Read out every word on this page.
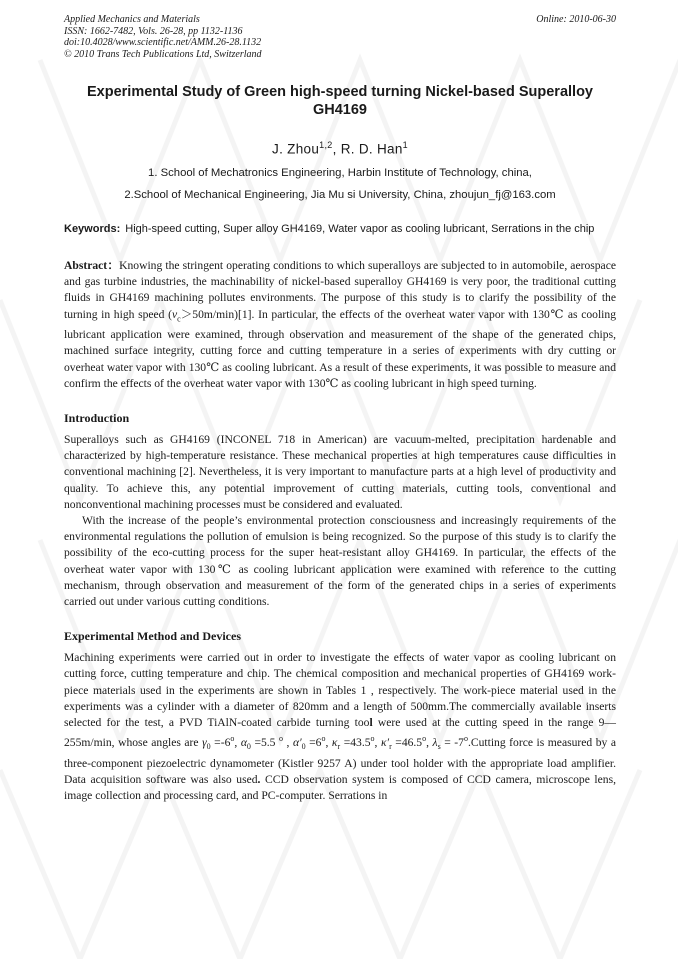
Applied Mechanics and Materials
ISSN: 1662-7482, Vols. 26-28, pp 1132-1136
doi:10.4028/www.scientific.net/AMM.26-28.1132
© 2010 Trans Tech Publications Ltd, Switzerland
Online: 2010-06-30
Experimental Study of Green high-speed turning Nickel-based Superalloy GH4169
J. Zhou$^{1,2}$, R. D. Han$^1$
1. School of Mechatronics Engineering, Harbin Institute of Technology, china,
2.School of Mechanical Engineering, Jia Mu si University, China, zhoujun_fj@163.com
Keywords: High-speed cutting, Super alloy GH4169, Water vapor as cooling lubricant, Serrations in the chip
Abstract：Knowing the stringent operating conditions to which superalloys are subjected to in automobile, aerospace and gas turbine industries, the machinability of nickel-based superalloy GH4169 is very poor, the traditional cutting fluids in GH4169 machining pollutes environments. The purpose of this study is to clarify the possibility of the turning in high speed $(v_c>50m/\min)[1]$. In particular, the effects of the overheat water vapor with 130℃ as cooling lubricant application were examined, through observation and measurement of the shape of the generated chips, machined surface integrity, cutting force and cutting temperature in a series of experiments with dry cutting or overheat water vapor with 130℃ as cooling lubricant. As a result of these experiments, it was possible to measure and confirm the effects of the overheat water vapor with 130℃ as cooling lubricant in high speed turning.
Introduction
Superalloys such as GH4169 (INCONEL 718 in American) are vacuum-melted, precipitation hardenable and characterized by high-temperature resistance. These mechanical properties at high temperatures cause difficulties in conventional machining [2]. Nevertheless, it is very important to manufacture parts at a high level of productivity and quality. To achieve this, any potential improvement of cutting materials, cutting tools, conventional and nonconventional machining processes must be considered and evaluated.
With the increase of the people’s environmental protection consciousness and increasingly requirements of the environmental regulations the pollution of emulsion is being recognized. So the purpose of this study is to clarify the possibility of the eco-cutting process for the super heat-resistant alloy GH4169. In particular, the effects of the overheat water vapor with 130℃ as cooling lubricant application were examined with reference to the cutting mechanism, through observation and measurement of the form of the generated chips in a series of experiments carried out under various cutting conditions.
Experimental Method and Devices
Machining experiments were carried out in order to investigate the effects of water vapor as cooling lubricant on cutting force, cutting temperature and chip. The chemical composition and mechanical properties of GH4169 work-piece materials used in the experiments are shown in Tables 1 , respectively. The work-piece material used in the experiments was a cylinder with a diameter of 820mm and a length of 500mm.The commercially available inserts selected for the test, a PVD TiAlN-coated carbide turning tool were used at the cutting speed in the range 9—255m/min, whose angles are $\gamma_0 =-6^o$, $\alpha_0 =5.5$ $^o$ , $\alpha'_0 =6^o$, $\kappa_r =43.5^o$, $\kappa'_r =46.5^o$, $\lambda_s$ = $-7^o.Cutting$ force is measured by a three-component piezoelectric dynamometer (Kistler 9257 A) under tool holder with the appropriate load amplifier. Data acquisition software was also used. CCD observation system is composed of CCD camera, microscope lens, image collection and processing card, and PC-computer. Serrations in
